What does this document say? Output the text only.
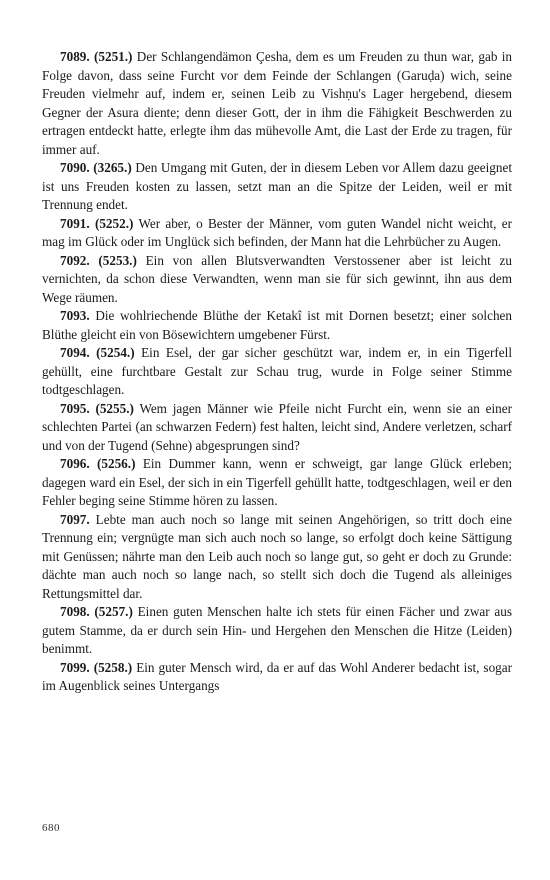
7089. (5251.) Der Schlangendämon Çesha, dem es um Freuden zu thun war, gab in Folge davon, dass seine Furcht vor dem Feinde der Schlangen (Garuḍa) wich, seine Freuden vielmehr auf, indem er, seinen Leib zu Vishṇu's Lager hergebend, diesem Gegner der Asura diente; denn dieser Gott, der in ihm die Fähigkeit Beschwerden zu ertragen entdeckt hatte, erlegte ihm das mühevolle Amt, die Last der Erde zu tragen, für immer auf.

7090. (3265.) Den Umgang mit Guten, der in diesem Leben vor Allem dazu geeignet ist uns Freuden kosten zu lassen, setzt man an die Spitze der Leiden, weil er mit Trennung endet.

7091. (5252.) Wer aber, o Bester der Männer, vom guten Wandel nicht weicht, er mag im Glück oder im Unglück sich befinden, der Mann hat die Lehrbücher zu Augen.

7092. (5253.) Ein von allen Blutsverwandten Verstossener aber ist leicht zu vernichten, da schon diese Verwandten, wenn man sie für sich gewinnt, ihn aus dem Wege räumen.

7093. Die wohlriechende Blüthe der Ketakî ist mit Dornen besetzt; einer solchen Blüthe gleicht ein von Bösewichtern umgebener Fürst.

7094. (5254.) Ein Esel, der gar sicher geschützt war, indem er, in ein Tigerfell gehüllt, eine furchtbare Gestalt zur Schau trug, wurde in Folge seiner Stimme todtgeschlagen.

7095. (5255.) Wem jagen Männer wie Pfeile nicht Furcht ein, wenn sie an einer schlechten Partei (an schwarzen Federn) fest halten, leicht sind, Andere verletzen, scharf und von der Tugend (Sehne) abgesprungen sind?

7096. (5256.) Ein Dummer kann, wenn er schweigt, gar lange Glück erleben; dagegen ward ein Esel, der sich in ein Tigerfell gehüllt hatte, todtgeschlagen, weil er den Fehler beging seine Stimme hören zu lassen.

7097. Lebte man auch noch so lange mit seinen Angehörigen, so tritt doch eine Trennung ein; vergnügte man sich auch noch so lange, so erfolgt doch keine Sättigung mit Genüssen; nährte man den Leib auch noch so lange gut, so geht er doch zu Grunde: dächte man auch noch so lange nach, so stellt sich doch die Tugend als alleiniges Rettungsmittel dar.

7098. (5257.) Einen guten Menschen halte ich stets für einen Fächer und zwar aus gutem Stamme, da er durch sein Hin- und Hergehen den Menschen die Hitze (Leiden) benimmt.

7099. (5258.) Ein guter Mensch wird, da er auf das Wohl Anderer bedacht ist, sogar im Augenblick seines Untergangs

680
